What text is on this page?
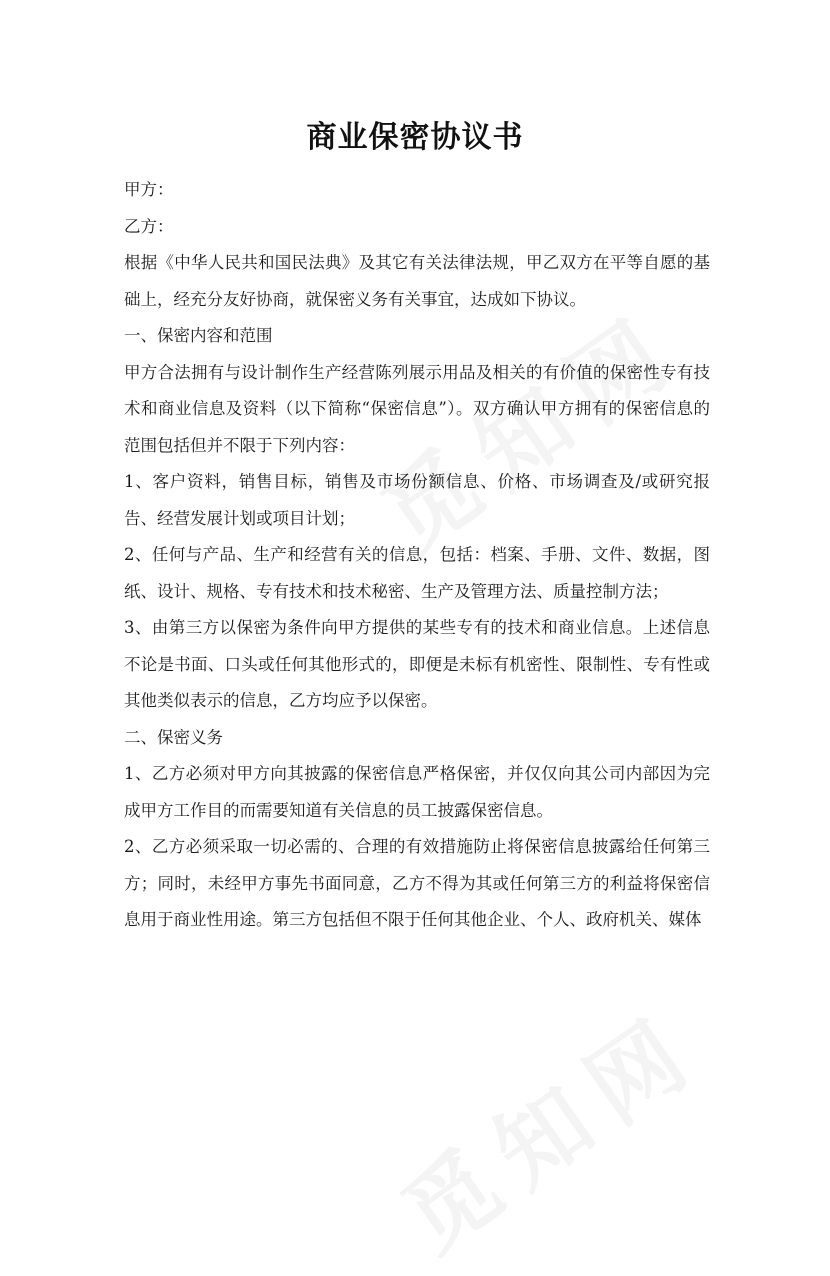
商业保密协议书

甲方：

乙方：

根据《中华人民共和国民法典》及其它有关法律法规，甲乙双方在平等自愿的基础上，经充分友好协商，就保密义务有关事宜，达成如下协议。

一、保密内容和范围

甲方合法拥有与设计制作生产经营陈列展示用品及相关的有价值的保密性专有技术和商业信息及资料（以下简称“保密信息”）。双方确认甲方拥有的保密信息的范围包括但并不限于下列内容：

1、客户资料，销售目标，销售及市场份额信息、价格、市场调查及/或研究报告、经营发展计划或项目计划；

2、任何与产品、生产和经营有关的信息，包括：档案、手册、文件、数据，图纸、设计、规格、专有技术和技术秘密、生产及管理方法、质量控制方法；

3、由第三方以保密为条件向甲方提供的某些专有的技术和商业信息。上述信息不论是书面、口头或任何其他形式的，即便是未标有机密性、限制性、专有性或其他类似表示的信息，乙方均应予以保密。

二、保密义务

1、乙方必须对甲方向其披露的保密信息严格保密，并仅仅向其公司内部因为完成甲方工作目的而需要知道有关信息的员工披露保密信息。

2、乙方必须采取一切必需的、合理的有效措施防止将保密信息披露给任何第三方；同时，未经甲方事先书面同意，乙方不得为其或任何第三方的利益将保密信息用于商业性用途。第三方包括但不限于任何其他企业、个人、政府机关、媒体
